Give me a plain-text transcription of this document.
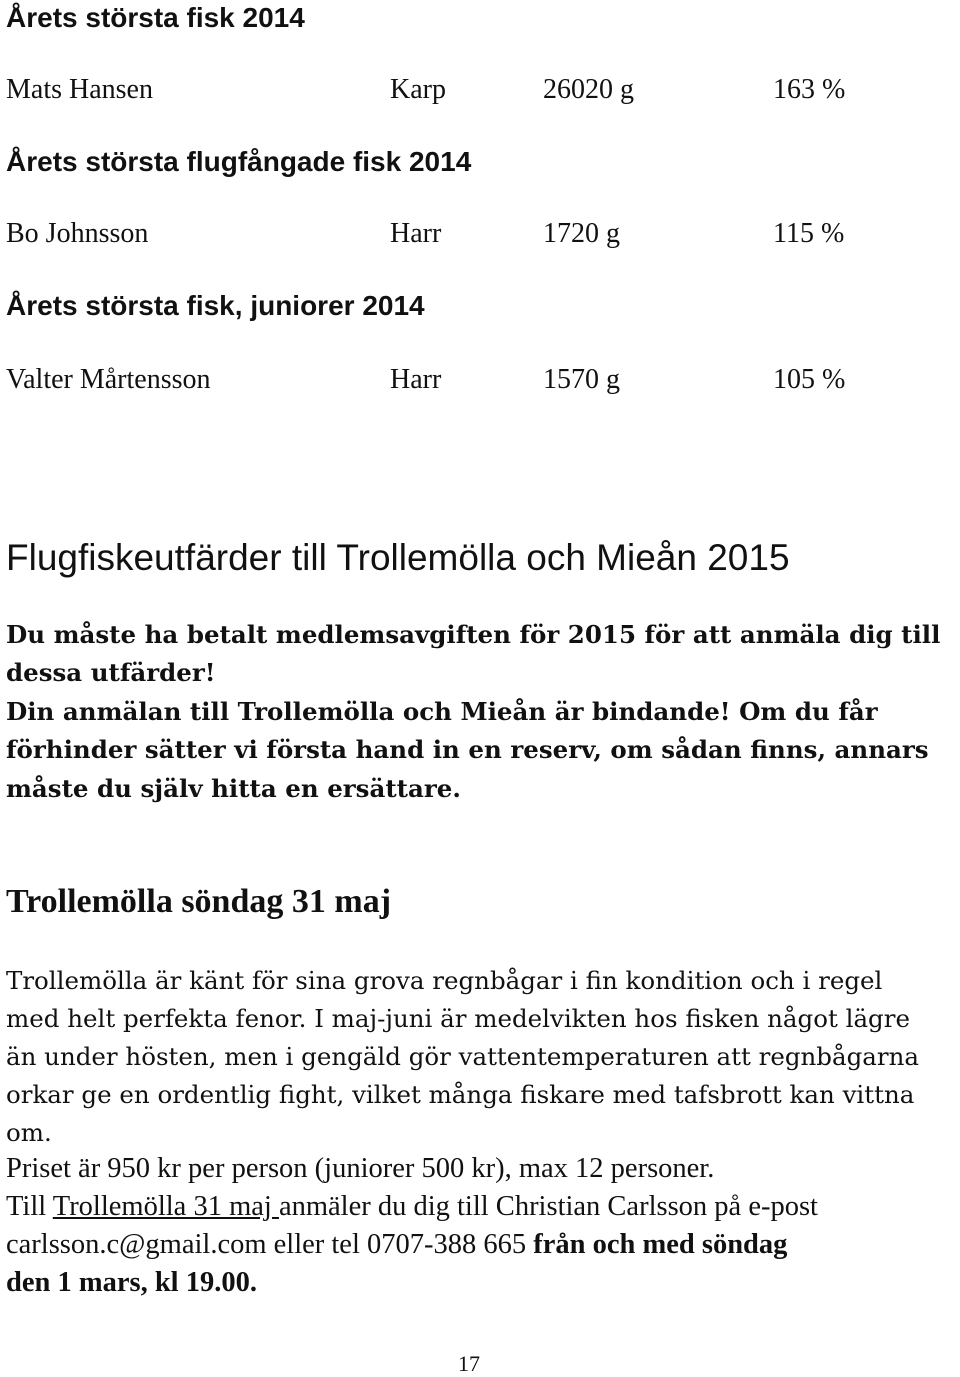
Årets största fisk 2014
Mats Hansen	Karp	26020 g	163 %
Årets största flugfångade fisk 2014
Bo Johnsson	Harr	1720 g	115 %
Årets största fisk, juniorer 2014
Valter Mårtensson	Harr	1570 g	105 %
Flugfiskeutfärder till Trollemölla och Mieån 2015
Du måste ha betalt medlemsavgiften för 2015 för att anmäla dig till
dessa utfärder!
Din anmälan till Trollemölla och Mieån är bindande! Om du får
förhinder sätter vi första hand in en reserv, om sådan finns, annars
måste du själv hitta en ersättare.
Trollemölla söndag 31 maj
Trollemölla är känt för sina grova regnbågar i fin kondition och i regel
med helt perfekta fenor. I maj-juni är medelvikten hos fisken något lägre
än under hösten, men i gengäld gör vattentemperaturen att regnbågarna
orkar ge en ordentlig fight, vilket många fiskare med tafsbrott kan vittna
om.
Priset är 950 kr per person (juniorer 500 kr), max 12 personer.
Till Trollemölla 31 maj anmäler du dig till Christian Carlsson på e-post
carlsson.c@gmail.com eller tel 0707-388 665 från och med söndag
den 1 mars, kl 19.00.
17
